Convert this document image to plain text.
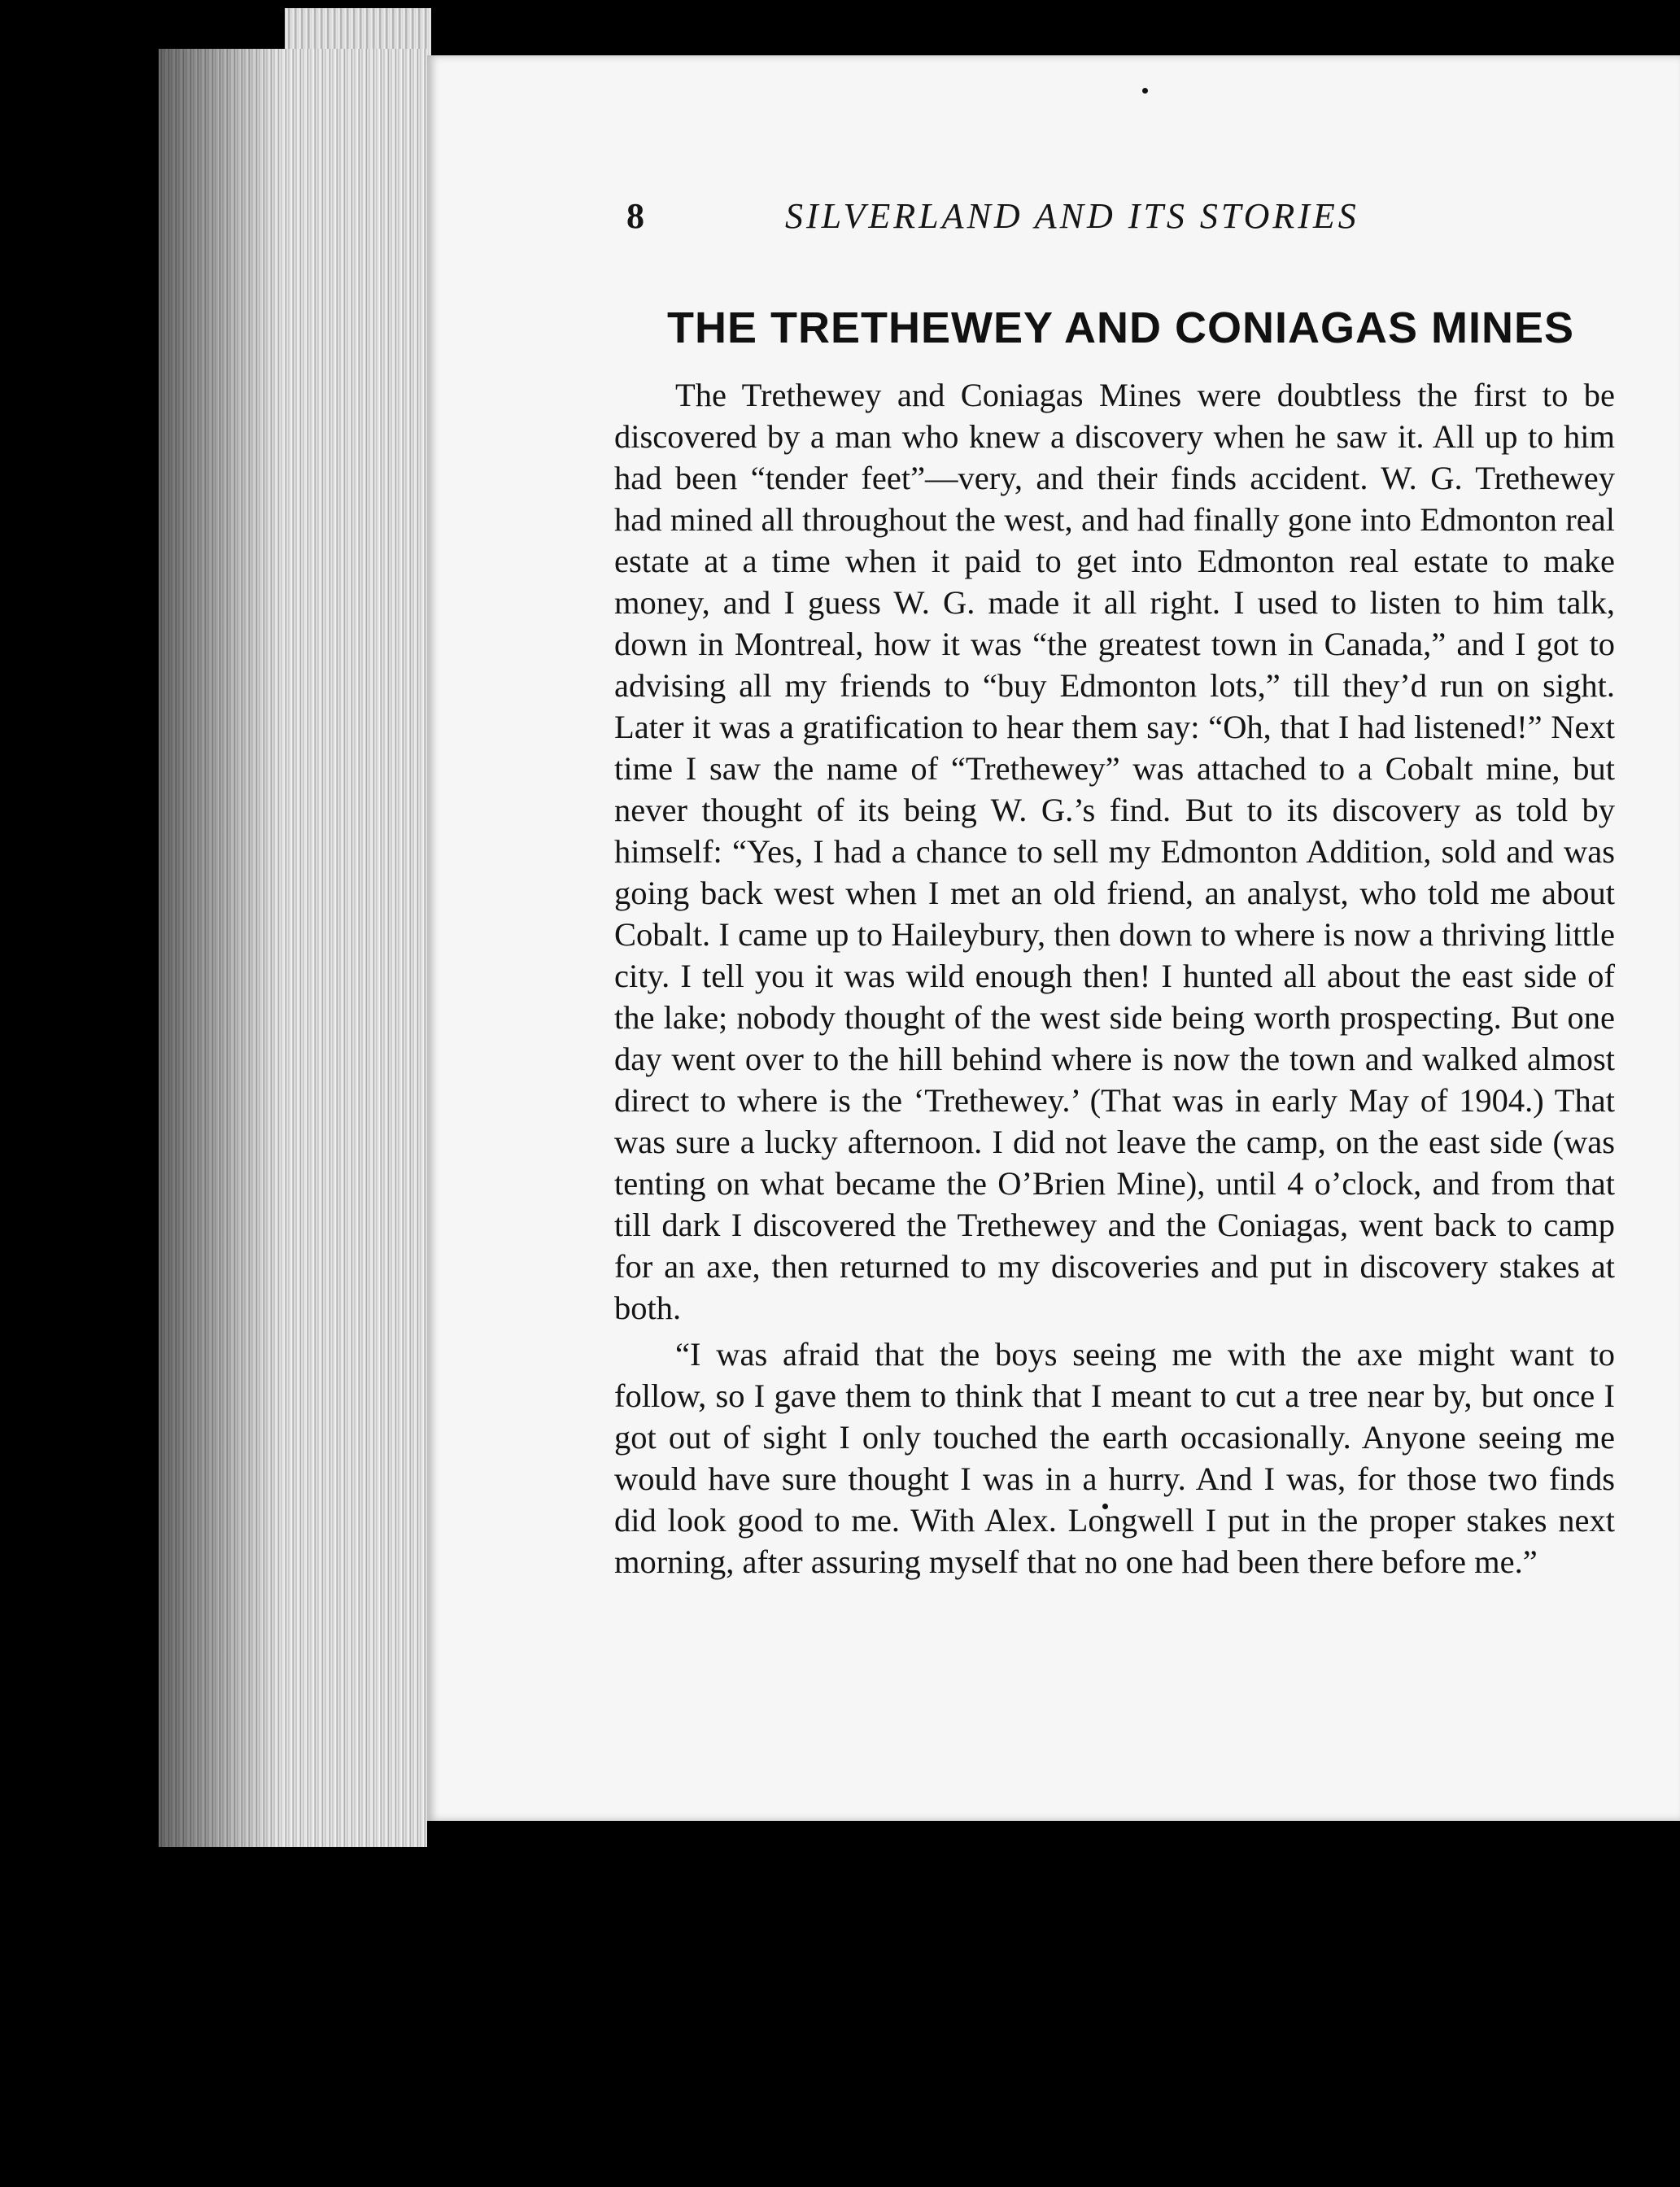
8	SILVERLAND AND ITS STORIES
THE TRETHEWEY AND CONIAGAS MINES

The Trethewey and Coniagas Mines were doubtless the first to be discovered by a man who knew a discovery when he saw it. All up to him had been “tender feet”—very, and their finds accident. W. G. Trethewey had mined all throughout the west, and had finally gone into Edmonton real estate at a time when it paid to get into Edmonton real estate to make money, and I guess W. G. made it all right. I used to listen to him talk, down in Montreal, how it was “the greatest town in Canada,” and I got to advising all my friends to “buy Edmonton lots,” till they’d run on sight. Later it was a gratification to hear them say: “Oh, that I had listened!” Next time I saw the name of “Trethewey” was attached to a Cobalt mine, but never thought of its being W. G.’s find. But to its discovery as told by himself: “Yes, I had a chance to sell my Edmonton Addition, sold and was going back west when I met an old friend, an analyst, who told me about Cobalt. I came up to Haileybury, then down to where is now a thriving little city. I tell you it was wild enough then! I hunted all about the east side of the lake; nobody thought of the west side being worth prospecting. But one day went over to the hill behind where is now the town and walked almost direct to where is the ‘Trethewey.’ (That was in early May of 1904.) That was sure a lucky afternoon. I did not leave the camp, on the east side (was tenting on what became the O’Brien Mine), until 4 o’clock, and from that till dark I discovered the Trethewey and the Coniagas, went back to camp for an axe, then returned to my discoveries and put in discovery stakes at both.

“I was afraid that the boys seeing me with the axe might want to follow, so I gave them to think that I meant to cut a tree near by, but once I got out of sight I only touched the earth occasionally. Anyone seeing me would have sure thought I was in a hurry. And I was, for those two finds did look good to me. With Alex. Longwell I put in the proper stakes next morning, after assuring myself that no one had been there before me.”
